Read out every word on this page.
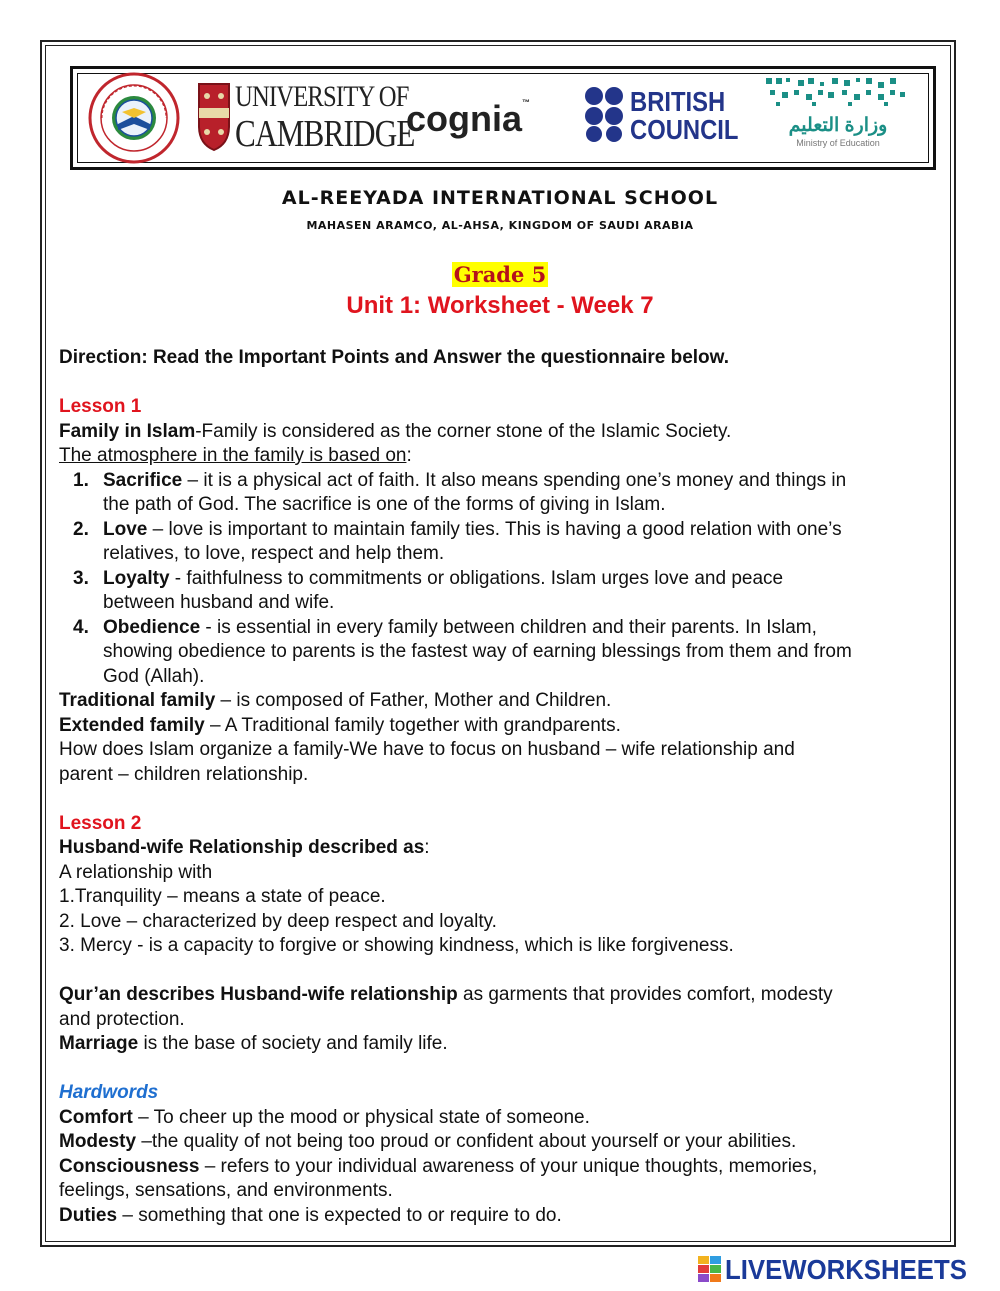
UNIVERSITY OF
CAMBRIDGE
cognia™	BRITISH
COUNCIL	وزارة التعليم
Ministry of Education
AL-REEYADA INTERNATIONAL SCHOOL
MAHASEN ARAMCO, AL-AHSA, KINGDOM OF SAUDI ARABIA
Grade 5
Unit 1: Worksheet - Week 7

Direction: Read the Important Points and Answer the questionnaire below.

Lesson 1

Family in Islam-Family is considered as the corner stone of the Islamic Society.

The atmosphere in the family is based on:

1. Sacrifice – it is a physical act of faith. It also means spending one’s money and things in
the path of God. The sacrifice is one of the forms of giving in Islam.
2. Love – love is important to maintain family ties. This is having a good relation with one’s
relatives, to love, respect and help them.
3. Loyalty - faithfulness to commitments or obligations. Islam urges love and peace
between husband and wife.
4. Obedience - is essential in every family between children and their parents. In Islam,
showing obedience to parents is the fastest way of earning blessings from them and from
God (Allah).

Traditional family – is composed of Father, Mother and Children.

Extended family – A Traditional family together with grandparents.

How does Islam organize a family-We have to focus on husband – wife relationship and

parent – children relationship.

Lesson 2

Husband-wife Relationship described as:

A relationship with

1.Tranquility – means a state of peace.

2. Love – characterized by deep respect and loyalty.

3. Mercy - is a capacity to forgive or showing kindness, which is like forgiveness.

Qur’an describes Husband-wife relationship as garments that provides comfort, modesty

and protection.

Marriage is the base of society and family life.

Hardwords

Comfort – To cheer up the mood or physical state of someone.

Modesty –the quality of not being too proud or confident about yourself or your abilities.

Consciousness – refers to your individual awareness of your unique thoughts, memories,

feelings, sensations, and environments.

Duties – something that one is expected to or require to do.

LIVEWORKSHEETS
